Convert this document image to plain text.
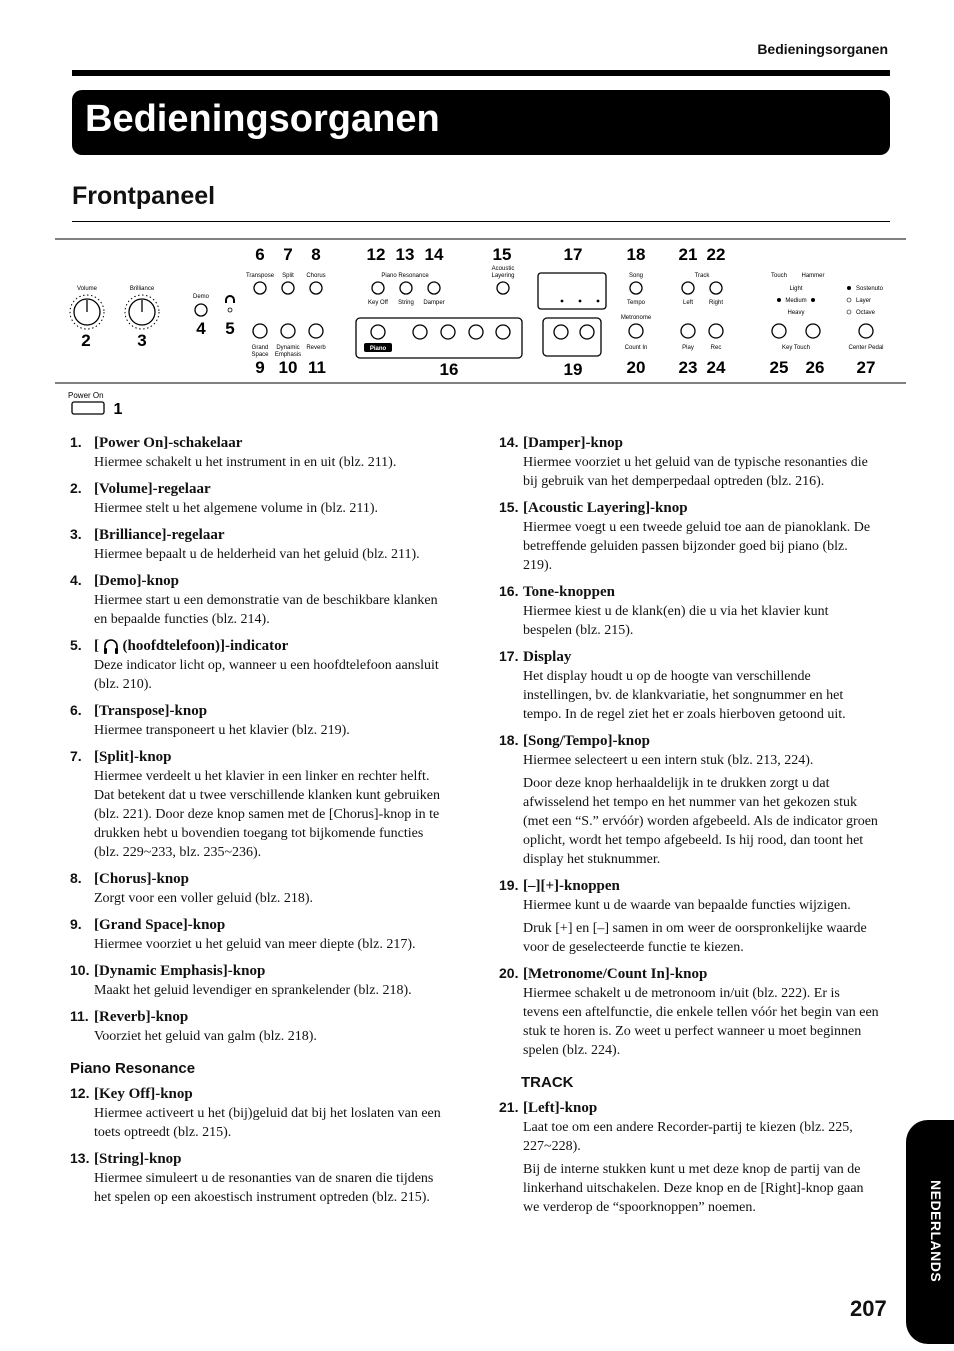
Bedieningsorganen
Bedieningsorganen
Frontpaneel
6 7 8	12 13 14	15	17	18 21 22
2	3
4 5
9 10 11	16	19	20 23 24	25 26 27
Volume	Brilliance
Demo
Transpose Split Chorus
Grand
Space
Dynamic
Emphasis
Reverb
Piano Resonance
Key Off String Damper
Acoustic
Layering	Song
Tempo
Metronome
Count In
Track
Left	Right
Play	Rec
Touch Hammer
Light
Medium
Heavy
Key Touch	Center Pedal
Sostenuto
Layer
Octave
Piano
Power On
1
1. [Power On]-schakelaar
Hiermee schakelt u het instrument in en uit (blz. 211).
2. [Volume]-regelaar
Hiermee stelt u het algemene volume in (blz. 211).
3. [Brilliance]-regelaar
Hiermee bepaalt u de helderheid van het geluid (blz. 211).
4. [Demo]-knop
Hiermee start u een demonstratie van de beschikbare klanken en bepaalde functies (blz. 214).
5. [  (hoofdtelefoon)]-indicator
Deze indicator licht op, wanneer u een hoofdtelefoon aansluit (blz. 210).
6. [Transpose]-knop
Hiermee transponeert u het klavier (blz. 219).
7. [Split]-knop
Hiermee verdeelt u het klavier in een linker en rechter helft. Dat betekent dat u twee verschillende klanken kunt gebruiken (blz. 221). Door deze knop samen met de [Chorus]-knop in te drukken hebt u bovendien toegang tot bijkomende functies (blz. 229~233, blz. 235~236).
8. [Chorus]-knop
Zorgt voor een voller geluid (blz. 218).
9. [Grand Space]-knop
Hiermee voorziet u het geluid van meer diepte (blz. 217).
10. [Dynamic Emphasis]-knop
Maakt het geluid levendiger en sprankelender (blz. 218).
11. [Reverb]-knop
Voorziet het geluid van galm (blz. 218).
Piano Resonance
12. [Key Off]-knop
Hiermee activeert u het (bij)geluid dat bij het loslaten van een toets optreedt (blz. 215).
13. [String]-knop
Hiermee simuleert u de resonanties van de snaren die tijdens het spelen op een akoestisch instrument optreden (blz. 215).
14. [Damper]-knop
Hiermee voorziet u het geluid van de typische resonanties die bij gebruik van het demperpedaal optreden (blz. 216).
15. [Acoustic Layering]-knop
Hiermee voegt u een tweede geluid toe aan de pianoklank. De betreffende geluiden passen bijzonder goed bij piano (blz. 219).
16. Tone-knoppen
Hiermee kiest u de klank(en) die u via het klavier kunt bespelen (blz. 215).
17. Display
Het display houdt u op de hoogte van verschillende instellingen, bv. de klankvariatie, het songnummer en het tempo. In de regel ziet het er zoals hierboven getoond uit.
18. [Song/Tempo]-knop
Hiermee selecteert u een intern stuk (blz. 213, 224).
Door deze knop herhaaldelijk in te drukken zorgt u dat afwisselend het tempo en het nummer van het gekozen stuk (met een “S.” ervóór) worden afgebeeld. Als de indicator groen oplicht, wordt het tempo afgebeeld. Is hij rood, dan toont het display het stuknummer.
19. [–][+]-knoppen
Hiermee kunt u de waarde van bepaalde functies wijzigen.
Druk [+] en [–] samen in om weer de oorspronkelijke waarde voor de geselecteerde functie te kiezen.
20. [Metronome/Count In]-knop
Hiermee schakelt u de metronoom in/uit (blz. 222). Er is tevens een aftelfunctie, die enkele tellen vóór het begin van een stuk te horen is. Zo weet u perfect wanneer u moet beginnen spelen (blz. 224).
TRACK
21. [Left]-knop
Laat toe om een andere Recorder-partij te kiezen (blz. 225, 227~228).
Bij de interne stukken kunt u met deze knop de partij van de linkerhand uitschakelen. Deze knop en de [Right]-knop gaan we verderop de “spoorknoppen” noemen.	NEDERLANDS
207
